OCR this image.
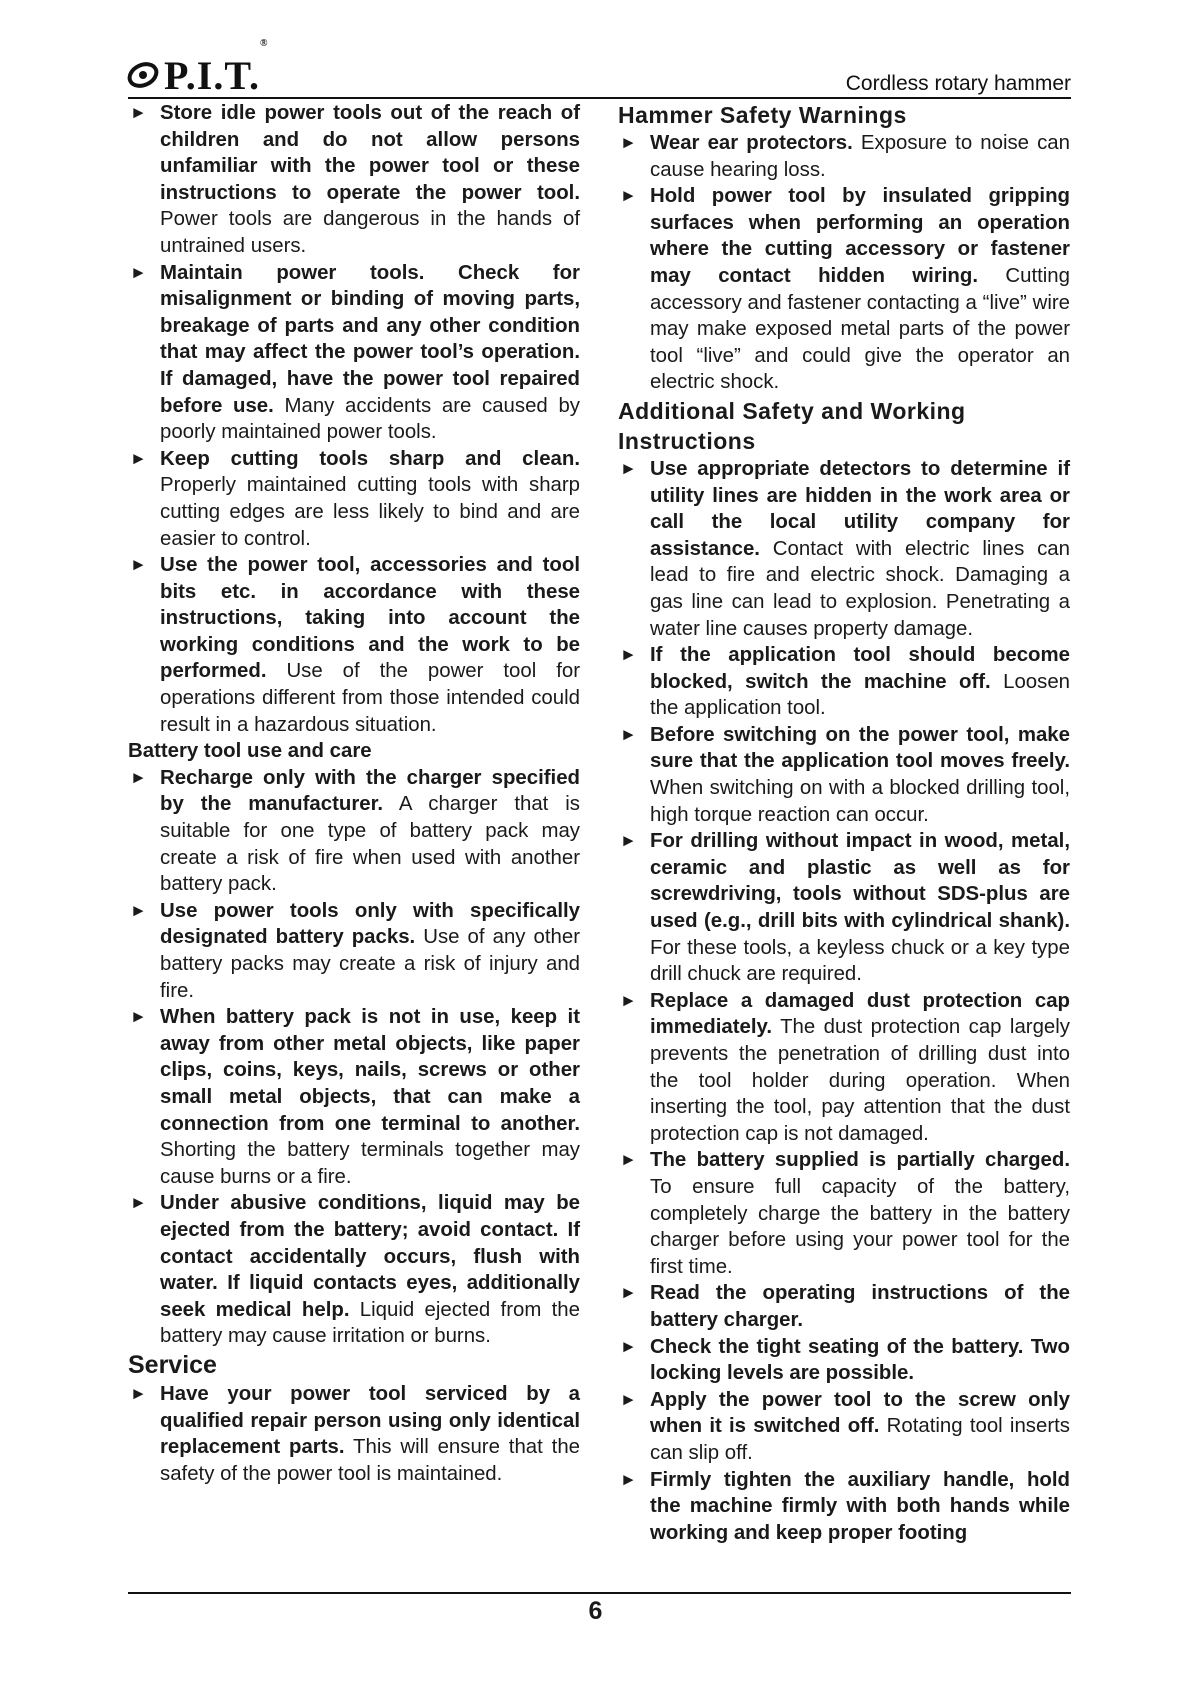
P.I.T.®
Cordless rotary hammer

► Store idle power tools out of the reach of children and do not allow persons unfamiliar with the power tool or these instructions to operate the power tool. Power tools are dangerous in the hands of untrained users.

► Maintain power tools. Check for misalignment or binding of moving parts, breakage of parts and any other condition that may affect the power tool’s operation. If damaged, have the power tool repaired before use. Many accidents are caused by poorly maintained power tools.

► Keep cutting tools sharp and clean. Properly maintained cutting tools with sharp cutting edges are less likely to bind and are easier to control.

► Use the power tool, accessories and tool bits etc. in accordance with these instructions, taking into account the working conditions and the work to be performed. Use of the power tool for operations different from those intended could result in a hazardous situation.

Battery tool use and care

► Recharge only with the charger specified by the manufacturer. A charger that is suitable for one type of battery pack may create a risk of fire when used with another battery pack.

► Use power tools only with specifically designated battery packs. Use of any other battery packs may create a risk of injury and fire.

► When battery pack is not in use, keep it away from other metal objects, like paper clips, coins, keys, nails, screws or other small metal objects, that can make a connection from one terminal to another. Shorting the battery terminals together may cause burns or a fire.

► Under abusive conditions, liquid may be ejected from the battery; avoid contact. If contact accidentally occurs, flush with water. If liquid contacts eyes, additionally seek medical help. Liquid ejected from the battery may cause irritation or burns.

Service

► Have your power tool serviced by a qualified repair person using only identical replacement parts. This will ensure that the safety of the power tool is maintained.

Hammer Safety Warnings

► Wear ear protectors. Exposure to noise can cause hearing loss.

► Hold power tool by insulated gripping surfaces when performing an operation where the cutting accessory or fastener may contact hidden wiring. Cutting accessory and fastener contacting a “live” wire may make exposed metal parts of the power tool “live” and could give the operator an electric shock.

Additional Safety and Working Instructions

► Use appropriate detectors to determine if utility lines are hidden in the work area or call the local utility company for assistance. Contact with electric lines can lead to fire and electric shock. Damaging a gas line can lead to explosion. Penetrating a water line causes property damage.

► If the application tool should become blocked, switch the machine off. Loosen the application tool.

► Before switching on the power tool, make sure that the application tool moves freely. When switching on with a blocked drilling tool, high torque reaction can occur.

► For drilling without impact in wood, metal, ceramic and plastic as well as for screwdriving, tools without SDS-plus are used (e.g., drill bits with cylindrical shank). For these tools, a keyless chuck or a key type drill chuck are required.

► Replace a damaged dust protection cap immediately. The dust protection cap largely prevents the penetration of drilling dust into the tool holder during operation. When inserting the tool, pay attention that the dust protection cap is not damaged.

► The battery supplied is partially charged. To ensure full capacity of the battery, completely charge the battery in the battery charger before using your power tool for the first time.

► Read the operating instructions of the battery charger.

► Check the tight seating of the battery. Two locking levels are possible.

► Apply the power tool to the screw only when it is switched off. Rotating tool inserts can slip off.

► Firmly tighten the auxiliary handle, hold the machine firmly with both hands while working and keep proper footing

6
